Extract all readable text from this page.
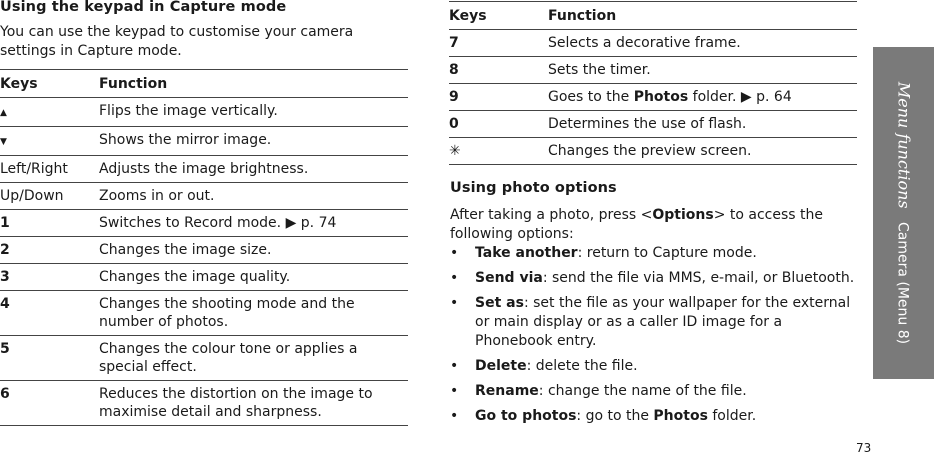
Using the keypad in Capture mode
You can use the keypad to customise your camera settings in Capture mode.
Keys	Function
▲	Flips the image vertically.
▼	Shows the mirror image.
Left/Right	Adjusts the image brightness.
Up/Down	Zooms in or out.
1	Switches to Record mode. ▶ p. 74
2	Changes the image size.
3	Changes the image quality.
4	Changes the shooting mode and the number of photos.
5	Changes the colour tone or applies a special effect.
6	Reduces the distortion on the image to maximise detail and sharpness.
Keys	Function
7	Selects a decorative frame.
8	Sets the timer.
9	Goes to the Photos folder. ▶ p. 64
0	Determines the use of flash.
✳	Changes the preview screen.
Using photo options
After taking a photo, press <Options> to access the following options:
• Take another: return to Capture mode.
• Send via: send the file via MMS, e-mail, or Bluetooth.
• Set as: set the file as your wallpaper for the external or main display or as a caller ID image for a Phonebook entry.
• Delete: delete the file.
• Rename: change the name of the file.
• Go to photos: go to the Photos folder.
Menu functions   Camera (Menu 8)
73
